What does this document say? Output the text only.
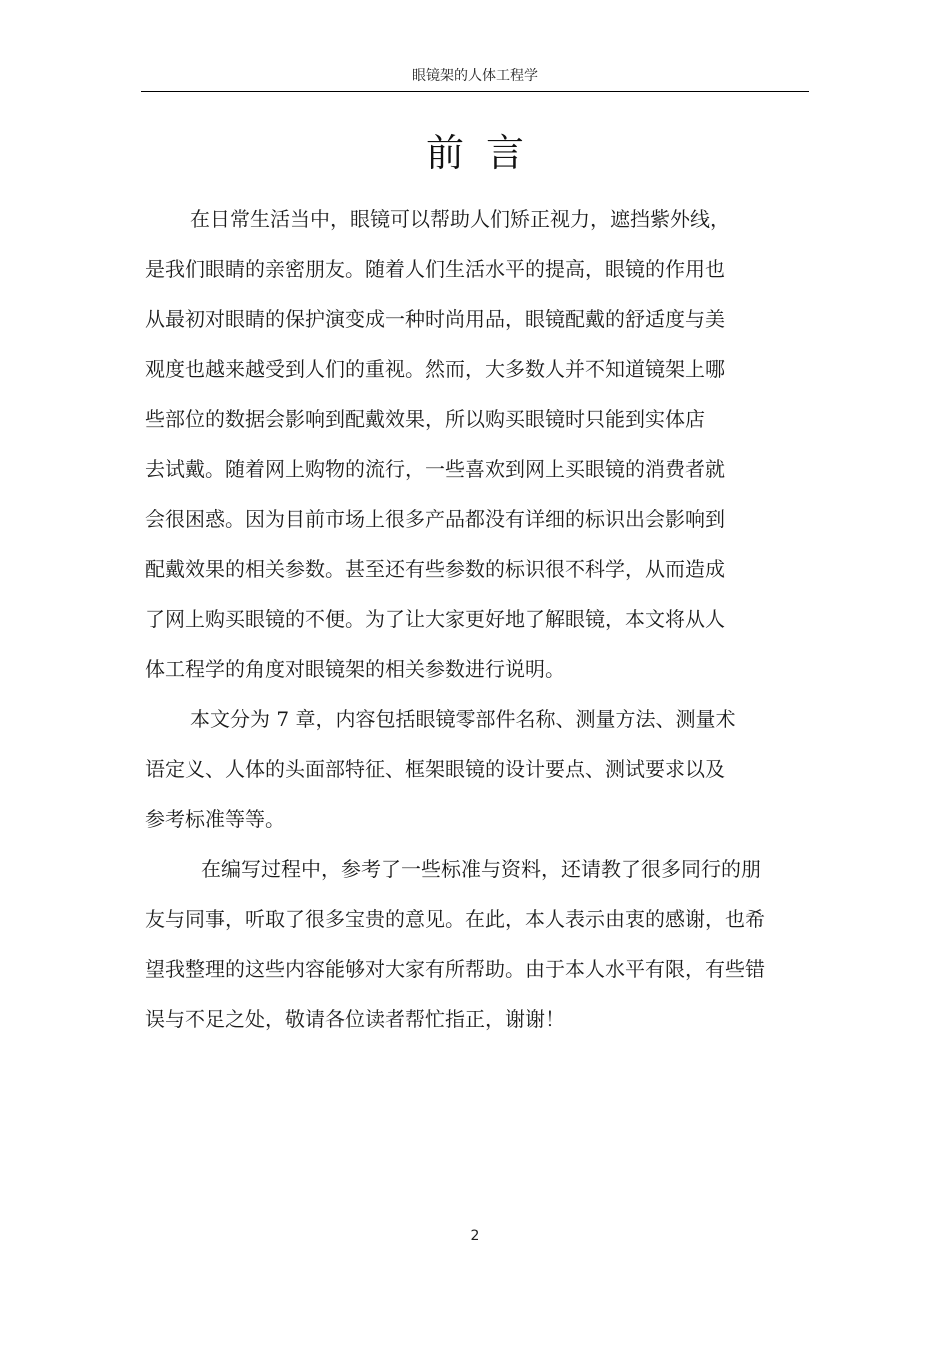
眼镜架的人体工程学
前言
在日常生活当中，眼镜可以帮助人们矫正视力，遮挡紫外线，
是我们眼睛的亲密朋友。随着人们生活水平的提高，眼镜的作用也
从最初对眼睛的保护演变成一种时尚用品，眼镜配戴的舒适度与美
观度也越来越受到人们的重视。然而，大多数人并不知道镜架上哪
些部位的数据会影响到配戴效果，所以购买眼镜时只能到实体店
去试戴。随着网上购物的流行，一些喜欢到网上买眼镜的消费者就
会很困惑。因为目前市场上很多产品都没有详细的标识出会影响到
配戴效果的相关参数。甚至还有些参数的标识很不科学，从而造成
了网上购买眼镜的不便。为了让大家更好地了解眼镜，本文将从人
体工程学的角度对眼镜架的相关参数进行说明。
本文分为 7 章，内容包括眼镜零部件名称、测量方法、测量术
语定义、人体的头面部特征、框架眼镜的设计要点、测试要求以及
参考标准等等。
在编写过程中，参考了一些标准与资料，还请教了很多同行的朋
友与同事，听取了很多宝贵的意见。在此，本人表示由衷的感谢，也希
望我整理的这些内容能够对大家有所帮助。由于本人水平有限，有些错
误与不足之处，敬请各位读者帮忙指正，谢谢！
2
